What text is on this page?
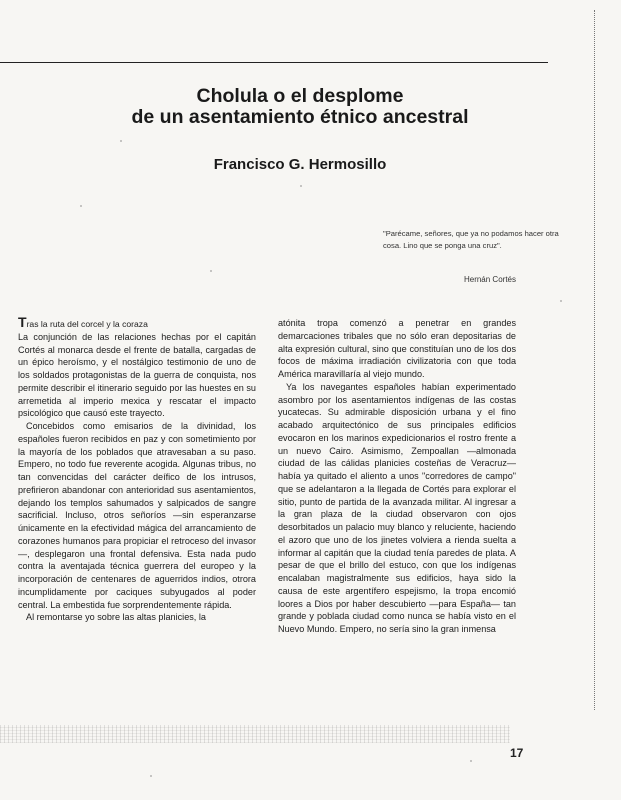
Cholula o el desplome
de un asentamiento étnico ancestral
Francisco G. Hermosillo
"Parécame, señores, que ya no podamos hacer otra cosa. Lino que se ponga una cruz".
Hernán Cortés

Tras la ruta del corcel y la coraza

La conjunción de las relaciones hechas por el capitán Cortés al monarca desde el frente de batalla, cargadas de un épico heroísmo, y el nostálgico testimonio de uno de los soldados protagonistas de la guerra de conquista, nos permite describir el itinerario seguido por las huestes en su arremetida al imperio mexica y rescatar el impacto psicológico que causó este trayecto.

Concebidos como emisarios de la divinidad, los españoles fueron recibidos en paz y con sometimiento por la mayoría de los poblados que atravesaban a su paso. Empero, no todo fue reverente acogida. Algunas tribus, no tan convencidas del carácter deífico de los intrusos, prefirieron abandonar con anterioridad sus asentamientos, dejando los templos sahumados y salpicados de sangre sacrificial. Incluso, otros señoríos —sin esperanzarse únicamente en la efectividad mágica del arrancamiento de corazones humanos para propiciar el retroceso del invasor—, desplegaron una frontal defensiva. Esta nada pudo contra la aventajada técnica guerrera del europeo y la incorporación de centenares de aguerridos indios, otrora incumplidamente por caciques subyugados al poder central. La embestida fue sorprendentemente rápida.

Al remontarse yo sobre las altas planicies, la

atónita tropa comenzó a penetrar en grandes demarcaciones tribales que no sólo eran depositarias de alta expresión cultural, sino que constituían uno de los dos focos de máxima irradiación civilizatoria con que toda América maravillaría al viejo mundo.

Ya los navegantes españoles habían experimentado asombro por los asentamientos indígenas de las costas yucatecas. Su admirable disposición urbana y el fino acabado arquitectónico de sus principales edificios evocaron en los marinos expedicionarios el rostro frente a un nuevo Cairo. Asimismo, Zempoallan —almonada ciudad de las cálidas planicies costeñas de Veracruz— había ya quitado el aliento a unos "corredores de campo" que se adelantaron a la llegada de Cortés para explorar el sitio, punto de partida de la avanzada militar. Al ingresar a la gran plaza de la ciudad observaron con ojos desorbitados un palacio muy blanco y reluciente, haciendo el azoro que uno de los jinetes volviera a rienda suelta a informar al capitán que la ciudad tenía paredes de plata. A pesar de que el brillo del estuco, con que los indígenas encalaban magistralmente sus edificios, haya sido la causa de este argentífero espejismo, la tropa encomió loores a Dios por haber descubierto —para España— tan grande y poblada ciudad como nunca se había visto en el Nuevo Mundo. Empero, no sería sino la gran inmensa

17
